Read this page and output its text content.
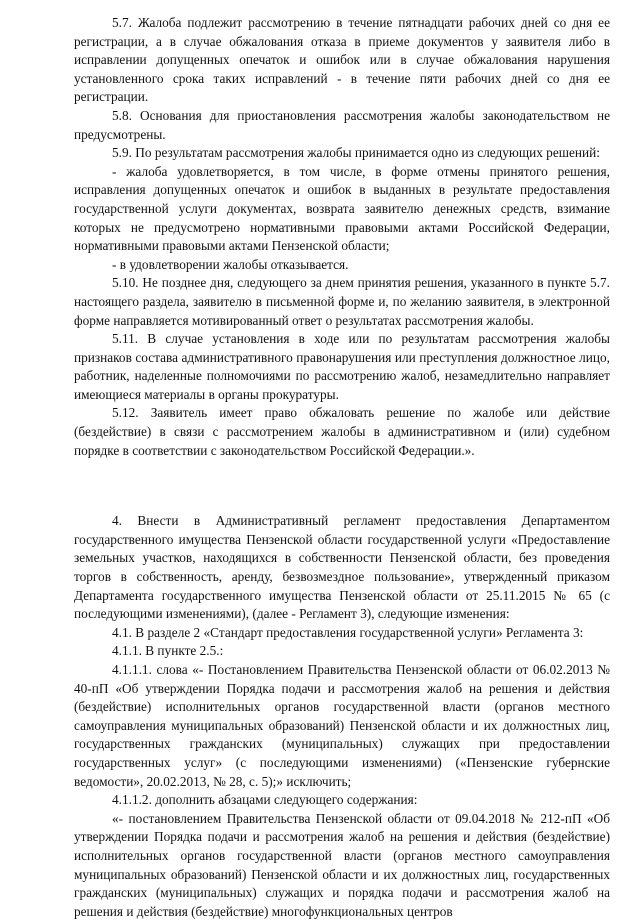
5.7. Жалоба подлежит рассмотрению в течение пятнадцати рабочих дней со дня ее регистрации, а в случае обжалования отказа в приеме документов у заявителя либо в исправлении допущенных опечаток и ошибок или в случае обжалования нарушения установленного срока таких исправлений - в течение пяти рабочих дней со дня ее регистрации.

5.8. Основания для приостановления рассмотрения жалобы законодательством не предусмотрены.

5.9. По результатам рассмотрения жалобы принимается одно из следующих решений:

- жалоба удовлетворяется, в том числе, в форме отмены принятого решения, исправления допущенных опечаток и ошибок в выданных в результате предоставления государственной услуги документах, возврата заявителю денежных средств, взимание которых не предусмотрено нормативными правовыми актами Российской Федерации, нормативными правовыми актами Пензенской области;

- в удовлетворении жалобы отказывается.

5.10. Не позднее дня, следующего за днем принятия решения, указанного в пункте 5.7. настоящего раздела, заявителю в письменной форме и, по желанию заявителя, в электронной форме направляется мотивированный ответ о результатах рассмотрения жалобы.

5.11. В случае установления в ходе или по результатам рассмотрения жалобы признаков состава административного правонарушения или преступления должностное лицо, работник, наделенные полномочиями по рассмотрению жалоб, незамедлительно направляет имеющиеся материалы в органы прокуратуры.

5.12. Заявитель имеет право обжаловать решение по жалобе или действие (бездействие) в связи с рассмотрением жалобы в административном и (или) судебном порядке в соответствии с законодательством Российской Федерации.».

4. Внести в Административный регламент предоставления Департаментом государственного имущества Пензенской области государственной услуги «Предоставление земельных участков, находящихся в собственности Пензенской области, без проведения торгов в собственность, аренду, безвозмездное пользование», утвержденный приказом Департамента государственного имущества Пензенской области от 25.11.2015 № 65 (с последующими изменениями), (далее - Регламент 3), следующие изменения:

4.1. В разделе 2 «Стандарт предоставления государственной услуги» Регламента 3:

4.1.1. В пункте 2.5.:

4.1.1.1. слова «- Постановлением Правительства Пензенской области от 06.02.2013 № 40-пП «Об утверждении Порядка подачи и рассмотрения жалоб на решения и действия (бездействие) исполнительных органов государственной власти (органов местного самоуправления муниципальных образований) Пензенской области и их должностных лиц, государственных гражданских (муниципальных) служащих при предоставлении государственных услуг» (с последующими изменениями) («Пензенские губернские ведомости», 20.02.2013, № 28, с. 5);» исключить;

4.1.1.2. дополнить абзацами следующего содержания:

«- постановлением Правительства Пензенской области от 09.04.2018 № 212-пП «Об утверждении Порядка подачи и рассмотрения жалоб на решения и действия (бездействие) исполнительных органов государственной власти (органов местного самоуправления муниципальных образований) Пензенской области и их должностных лиц, государственных гражданских (муниципальных) служащих и порядка подачи и рассмотрения жалоб на решения и действия (бездействие) многофункциональных центров
